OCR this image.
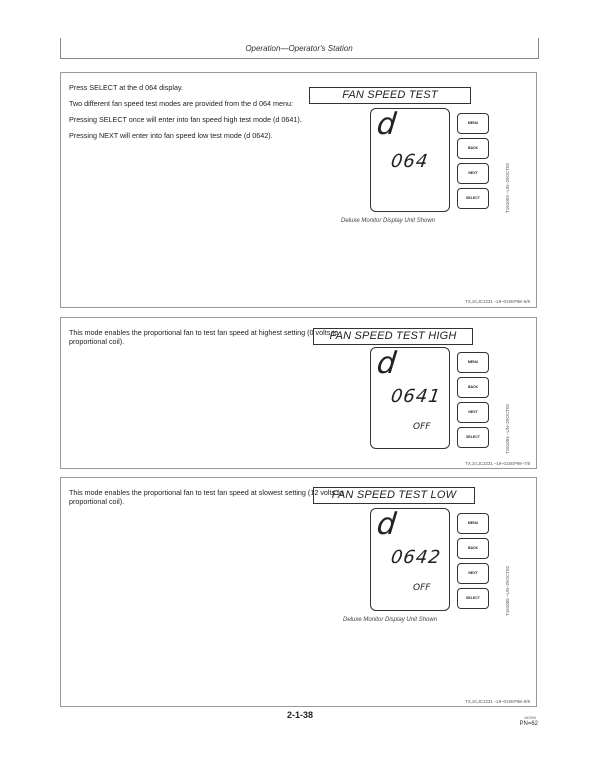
Operation—Operator's Station

Press SELECT at the d 064 display.

Two different fan speed test modes are provided from the d 064 menu:

Pressing SELECT once will enter into fan speed high test mode (d 0641).

Pressing NEXT will enter into fan speed low test mode (d 0642).

FAN SPEED TEST
d
064
MENU
BACK
NEXT
SELECT
Deluxe Monitor Display Unit Shown
T161003 –UN–29OCT02
TX,10,JC2231 –19–01SEP98–6/8

This mode enables the proportional fan to test fan speed at highest setting (0 volts to proportional coil).	FAN SPEED TEST HIGH
d
0641
OFF
MENU
BACK
NEXT
SELECT	T161004 –UN–29OCT02
TX,10,JC2231 –19–01SEP98–7/8

This mode enables the proportional fan to test fan speed at slowest setting (12 volts to proportional coil).

FAN SPEED TEST LOW
d
0642
OFF
MENU
BACK
NEXT
SELECT
Deluxe Monitor Display Unit Shown
T161005 –UN–29OCT02
TX,10,JC2231 –19–01SEP98–8/8
2-1-38	062599
PN=62
